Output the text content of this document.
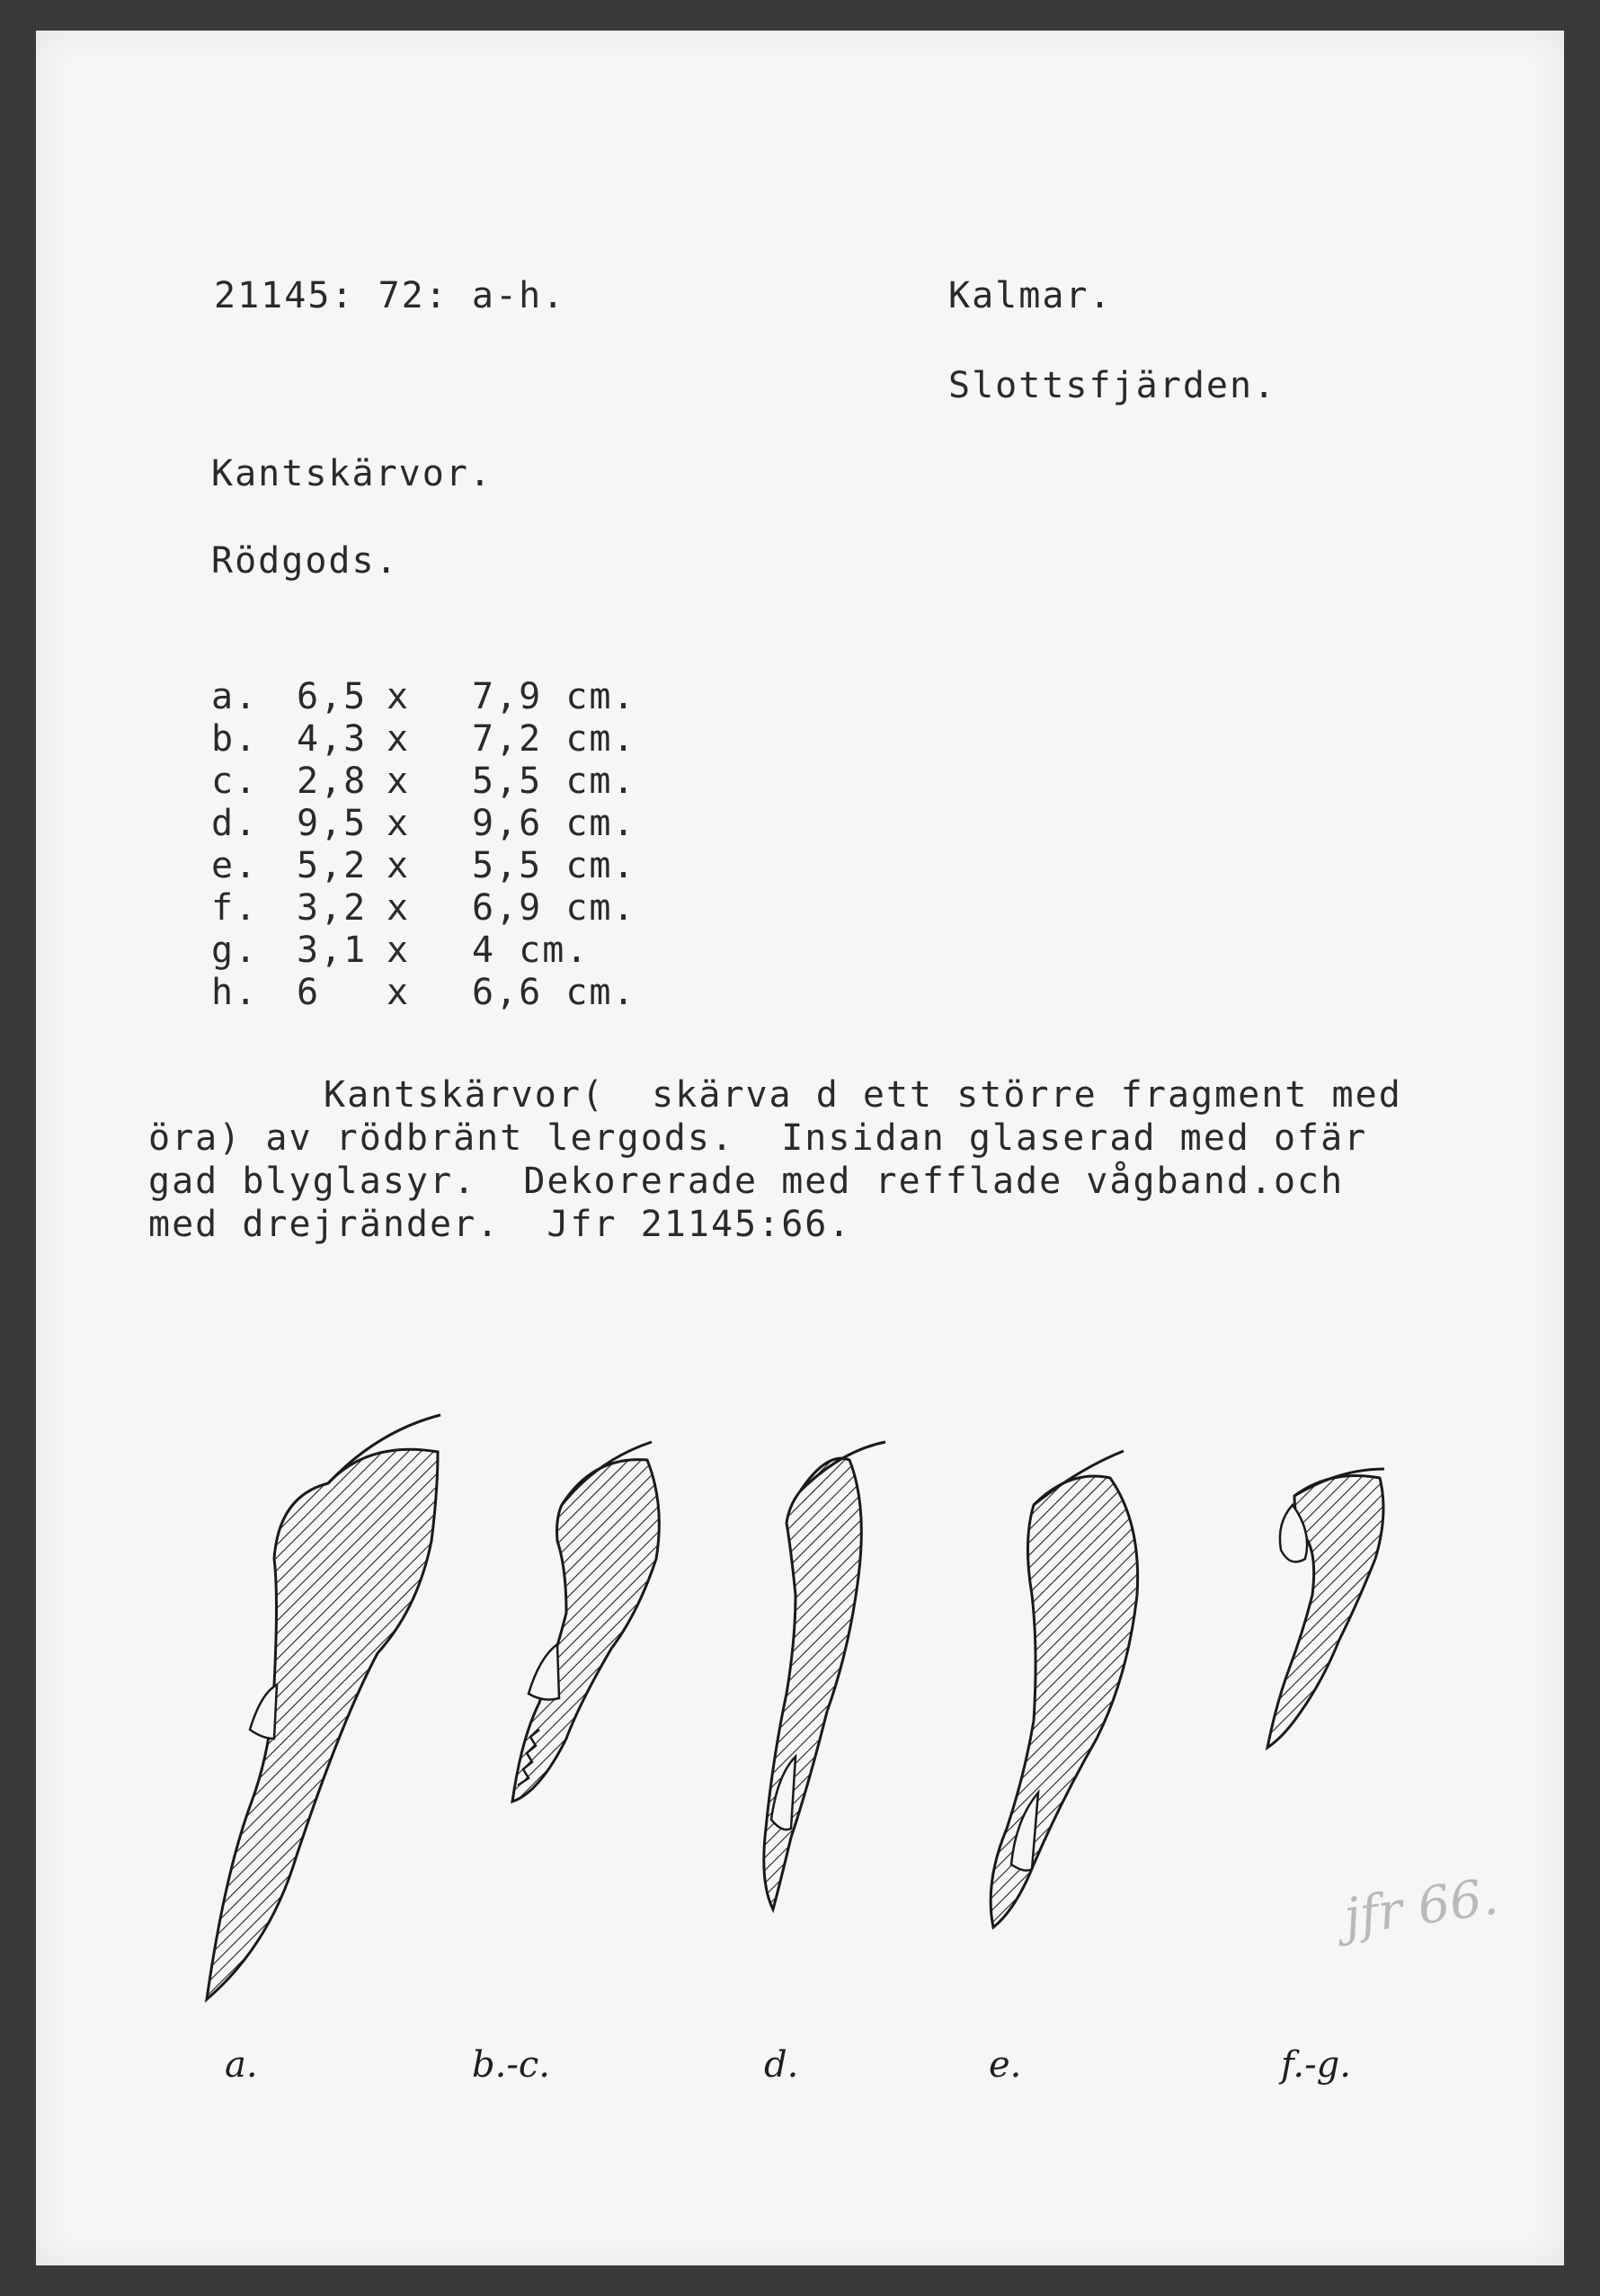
21145: 72: a-h.	Kalmar.
Slottsfjärden.
Kantskärvor.
Rödgods.
a.	6,5 x	7,9 cm.
b.	4,3 x	7,2 cm.
c.	2,8 x	5,5 cm.
d.	9,5 x	9,6 cm.
e.	5,2 x	5,5 cm.
f.	3,2 x	6,9 cm.
g.	3,1 x	4 cm.
h.	6	x	6,6 cm.
Kantskärvor(  skärva d ett större fragment med
öra) av rödbränt lergods.  Insidan glaserad med ofär
gad blyglasyr.  Dekorerade med refflade vågband.och
med drejränder.  Jfr 21145:66.
a.	b.-c.	d.	e.	f.-g.
jfr 66.
